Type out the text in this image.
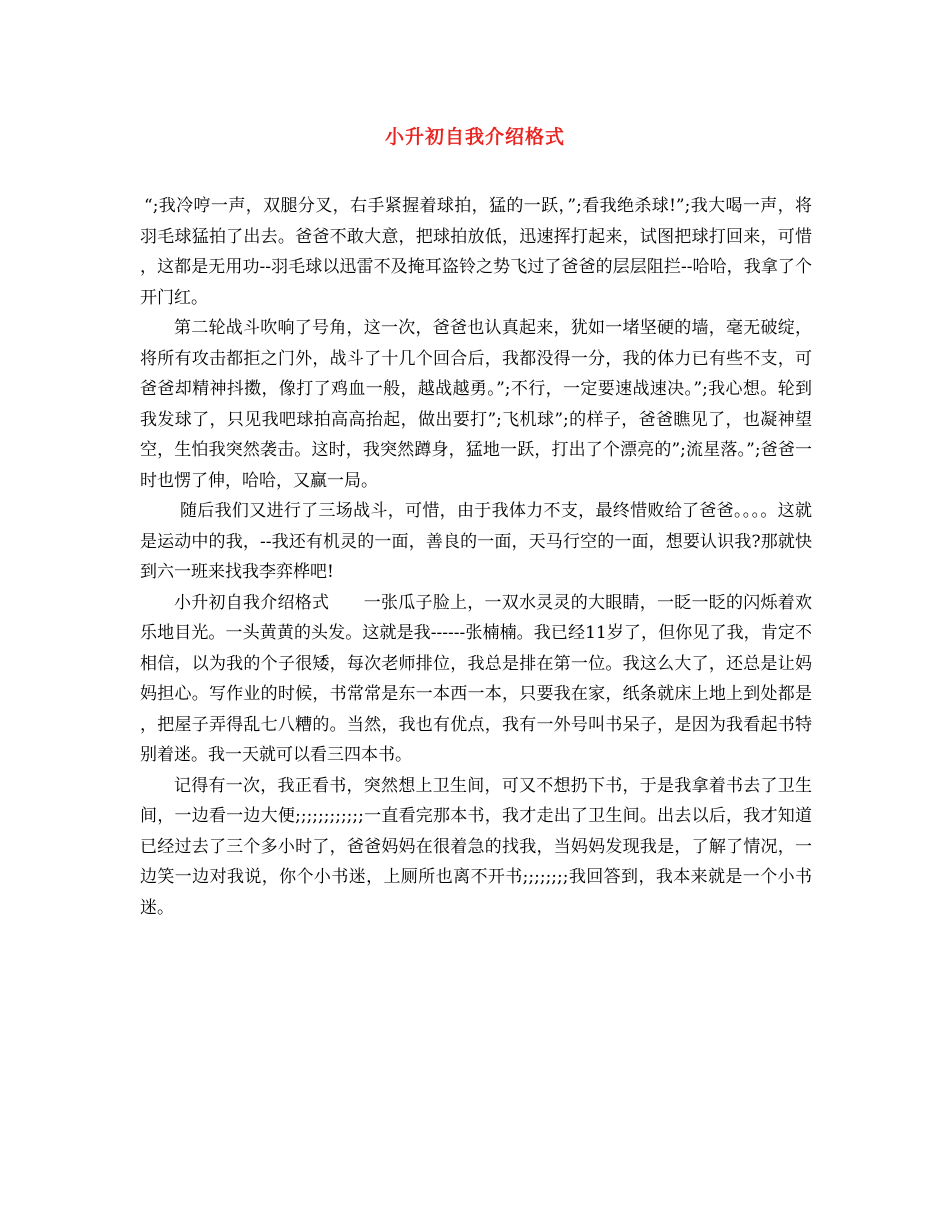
小升初自我介绍格式

“;我冷哼一声，双腿分叉，右手紧握着球拍，猛的一跃，”;看我绝杀球!”;我大喝一声，将羽毛球猛拍了出去。爸爸不敢大意，把球拍放低，迅速挥打起来，试图把球打回来，可惜，这都是无用功--羽毛球以迅雷不及掩耳盗铃之势飞过了爸爸的层层阻拦--哈哈，我拿了个开门红。

第二轮战斗吹响了号角，这一次，爸爸也认真起来，犹如一堵坚硬的墙，毫无破绽，将所有攻击都拒之门外，战斗了十几个回合后，我都没得一分，我的体力已有些不支，可爸爸却精神抖擞，像打了鸡血一般，越战越勇。”;不行，一定要速战速决。”;我心想。轮到我发球了，只见我吧球拍高高抬起，做出要打”;飞机球”;的样子，爸爸瞧见了，也凝神望空，生怕我突然袭击。这时，我突然蹲身，猛地一跃，打出了个漂亮的”;流星落。”;爸爸一时也愣了伸，哈哈，又赢一局。

随后我们又进行了三场战斗，可惜，由于我体力不支，最终惜败给了爸爸。。。。这就是运动中的我，--我还有机灵的一面，善良的一面，天马行空的一面，想要认识我?那就快到六一班来找我李弈桦吧!

小升初自我介绍格式　　一张瓜子脸上，一双水灵灵的大眼睛，一眨一眨的闪烁着欢乐地目光。一头黄黄的头发。这就是我------张楠楠。我已经11岁了，但你见了我，肯定不相信，以为我的个子很矮，每次老师排位，我总是排在第一位。我这么大了，还总是让妈妈担心。写作业的时候，书常常是东一本西一本，只要我在家，纸条就床上地上到处都是，把屋子弄得乱七八糟的。当然，我也有优点，我有一外号叫书呆子，是因为我看起书特别着迷。我一天就可以看三四本书。

记得有一次，我正看书，突然想上卫生间，可又不想扔下书，于是我拿着书去了卫生间，一边看一边大便;;;;;;;;;;;;一直看完那本书，我才走出了卫生间。出去以后，我才知道已经过去了三个多小时了，爸爸妈妈在很着急的找我，当妈妈发现我是，了解了情况，一边笑一边对我说，你个小书迷，上厕所也离不开书;;;;;;;;我回答到，我本来就是一个小书迷。
